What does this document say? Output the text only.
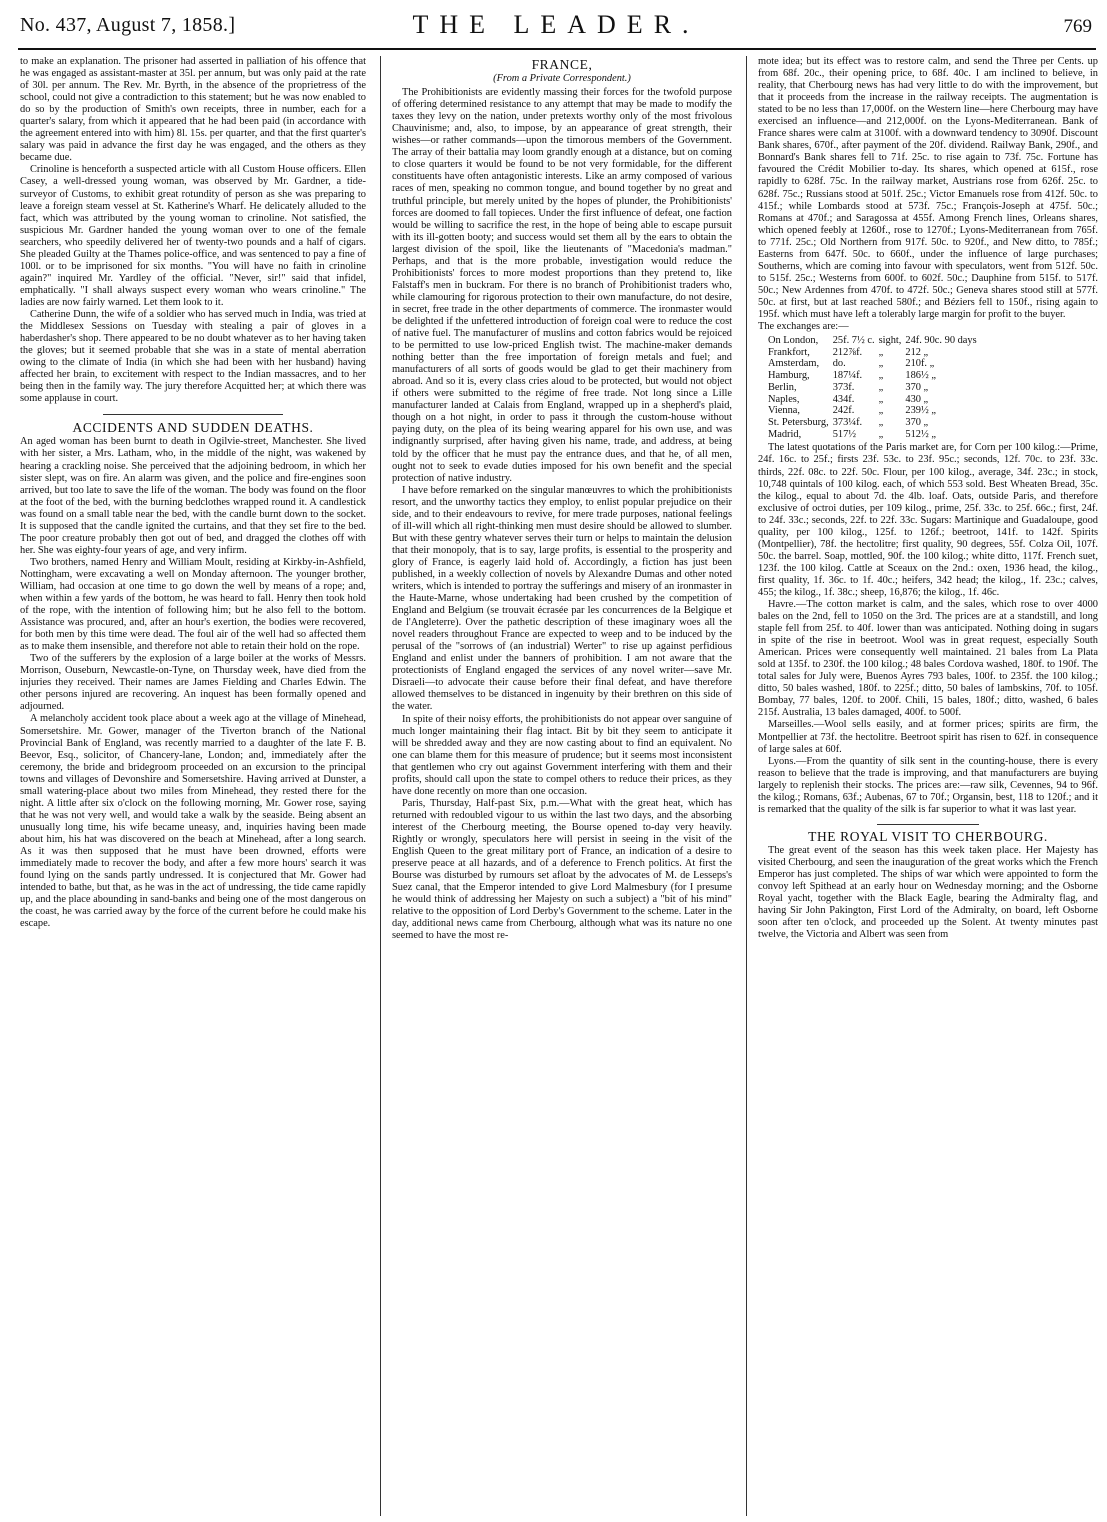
No. 437, August 7, 1858.]	THE LEADER.	769

to make an explanation. The prisoner had asserted in palliation of his offence that he was engaged as assistant-master at 35l. per annum, but was only paid at the rate of 30l. per annum. The Rev. Mr. Byrth, in the absence of the proprietress of the school, could not give a contradiction to this statement; but he was now enabled to do so by the production of Smith's own receipts, three in number, each for a quarter's salary, from which it appeared that he had been paid (in accordance with the agreement entered into with him) 8l. 15s. per quarter, and that the first quarter's salary was paid in advance the first day he was engaged, and the others as they became due.

Crinoline is henceforth a suspected article with all Custom House officers. Ellen Casey, a well-dressed young woman, was observed by Mr. Gardner, a tide-surveyor of Customs, to exhibit great rotundity of person as she was preparing to leave a foreign steam vessel at St. Katherine's Wharf. He delicately alluded to the fact, which was attributed by the young woman to crinoline. Not satisfied, the suspicious Mr. Gardner handed the young woman over to one of the female searchers, who speedily delivered her of twenty-two pounds and a half of cigars. She pleaded Guilty at the Thames police-office, and was sentenced to pay a fine of 100l. or to be imprisoned for six months. "You will have no faith in crinoline again?" inquired Mr. Yardley of the official. "Never, sir!" said that infidel, emphatically. "I shall always suspect every woman who wears crinoline." The ladies are now fairly warned. Let them look to it.

Catherine Dunn, the wife of a soldier who has served much in India, was tried at the Middlesex Sessions on Tuesday with stealing a pair of gloves in a haberdasher's shop. There appeared to be no doubt whatever as to her having taken the gloves; but it seemed probable that she was in a state of mental aberration owing to the climate of India (in which she had been with her husband) having affected her brain, to excitement with respect to the Indian massacres, and to her being then in the family way. The jury therefore Acquitted her; at which there was some applause in court.

ACCIDENTS AND SUDDEN DEATHS.

An aged woman has been burnt to death in Ogilvie-street, Manchester. She lived with her sister, a Mrs. Latham, who, in the middle of the night, was wakened by hearing a crackling noise. She perceived that the adjoining bedroom, in which her sister slept, was on fire. An alarm was given, and the police and fire-engines soon arrived, but too late to save the life of the woman. The body was found on the floor at the foot of the bed, with the burning bedclothes wrapped round it. A candlestick was found on a small table near the bed, with the candle burnt down to the socket. It is supposed that the candle ignited the curtains, and that they set fire to the bed. The poor creature probably then got out of bed, and dragged the clothes off with her. She was eighty-four years of age, and very infirm.

Two brothers, named Henry and William Moult, residing at Kirkby-in-Ashfield, Nottingham, were excavating a well on Monday afternoon. The younger brother, William, had occasion at one time to go down the well by means of a rope; and, when within a few yards of the bottom, he was heard to fall. Henry then took hold of the rope, with the intention of following him; but he also fell to the bottom. Assistance was procured, and, after an hour's exertion, the bodies were recovered, for both men by this time were dead. The foul air of the well had so affected them as to make them insensible, and therefore not able to retain their hold on the rope.

Two of the sufferers by the explosion of a large boiler at the works of Messrs. Morrison, Ouseburn, Newcastle-on-Tyne, on Thursday week, have died from the injuries they received. Their names are James Fielding and Charles Edwin. The other persons injured are recovering. An inquest has been formally opened and adjourned.

A melancholy accident took place about a week ago at the village of Minehead, Somersetshire. Mr. Gower, manager of the Tiverton branch of the National Provincial Bank of England, was recently married to a daughter of the late F. B. Beevor, Esq., solicitor, of Chancery-lane, London; and, immediately after the ceremony, the bride and bridegroom proceeded on an excursion to the principal towns and villages of Devonshire and Somersetshire. Having arrived at Dunster, a small watering-place about two miles from Minehead, they rested there for the night. A little after six o'clock on the following morning, Mr. Gower rose, saying that he was not very well, and would take a walk by the seaside. Being absent an unusually long time, his wife became uneasy, and, inquiries having been made about him, his hat was discovered on the beach at Minehead, after a long search. As it was then supposed that he must have been drowned, efforts were immediately made to recover the body, and after a few more hours' search it was found lying on the sands partly undressed. It is conjectured that Mr. Gower had intended to bathe, but that, as he was in the act of undressing, the tide came rapidly up, and the place abounding in sand-banks and being one of the most dangerous on the coast, he was carried away by the force of the current before he could make his escape.

FRANCE,
(From a Private Correspondent.)

The Prohibitionists are evidently massing their forces for the twofold purpose of offering determined resistance to any attempt that may be made to modify the taxes they levy on the nation, under pretexts worthy only of the most frivolous Chauvinisme; and, also, to impose, by an appearance of great strength, their wishes—or rather commands—upon the timorous members of the Government. The array of their battalia may loom grandly enough at a distance, but on coming to close quarters it would be found to be not very formidable, for the different constituents have often antagonistic interests. Like an army composed of various races of men, speaking no common tongue, and bound together by no great and truthful principle, but merely united by the hopes of plunder, the Prohibitionists' forces are doomed to fall topieces. Under the first influence of defeat, one faction would be willing to sacrifice the rest, in the hope of being able to escape pursuit with its ill-gotten booty; and success would set them all by the ears to obtain the largest division of the spoil, like the lieutenants of "Macedonia's madman." Perhaps, and that is the more probable, investigation would reduce the Prohibitionists' forces to more modest proportions than they pretend to, like Falstaff's men in buckram. For there is no branch of Prohibitionist traders who, while clamouring for rigorous protection to their own manufacture, do not desire, in secret, free trade in the other departments of commerce. The ironmaster would be delighted if the unfettered introduction of foreign coal were to reduce the cost of native fuel. The manufacturer of muslins and cotton fabrics would be rejoiced to be permitted to use low-priced English twist. The machine-maker demands nothing better than the free importation of foreign metals and fuel; and manufacturers of all sorts of goods would be glad to get their machinery from abroad. And so it is, every class cries aloud to be protected, but would not object if others were submitted to the régime of free trade. Not long since a Lille manufacturer landed at Calais from England, wrapped up in a shepherd's plaid, though on a hot night, in order to pass it through the custom-house without paying duty, on the plea of its being wearing apparel for his own use, and was indignantly surprised, after having given his name, trade, and address, at being told by the officer that he must pay the entrance dues, and that he, of all men, ought not to seek to evade duties imposed for his own benefit and the special protection of native industry.

I have before remarked on the singular manœuvres to which the prohibitionists resort, and the unworthy tactics they employ, to enlist popular prejudice on their side, and to their endeavours to revive, for mere trade purposes, national feelings of ill-will which all right-thinking men must desire should be allowed to slumber. But with these gentry whatever serves their turn or helps to maintain the delusion that their monopoly, that is to say, large profits, is essential to the prosperity and glory of France, is eagerly laid hold of. Accordingly, a fiction has just been published, in a weekly collection of novels by Alexandre Dumas and other noted writers, which is intended to portray the sufferings and misery of an ironmaster in the Haute-Marne, whose undertaking had been crushed by the competition of England and Belgium (se trouvait écrasée par les concurrences de la Belgique et de l'Angleterre). Over the pathetic description of these imaginary woes all the novel readers throughout France are expected to weep and to be induced by the perusal of the "sorrows of (an industrial) Werter" to rise up against perfidious England and enlist under the banners of prohibition. I am not aware that the protectionists of England engaged the services of any novel writer—save Mr. Disraeli—to advocate their cause before their final defeat, and have therefore allowed themselves to be distanced in ingenuity by their brethren on this side of the water.

In spite of their noisy efforts, the prohibitionists do not appear over sanguine of much longer maintaining their flag intact. Bit by bit they seem to anticipate it will be shredded away and they are now casting about to find an equivalent. No one can blame them for this measure of prudence; but it seems most inconsistent that gentlemen who cry out against Government interfering with them and their profits, should call upon the state to compel others to reduce their prices, as they have done recently on more than one occasion.

Paris, Thursday, Half-past Six, p.m.—What with the great heat, which has returned with redoubled vigour to us within the last two days, and the absorbing interest of the Cherbourg meeting, the Bourse opened to-day very heavily. Rightly or wrongly, speculators here will persist in seeing in the visit of the English Queen to the great military port of France, an indication of a desire to preserve peace at all hazards, and of a deference to French politics. At first the Bourse was disturbed by rumours set afloat by the advocates of M. de Lesseps's Suez canal, that the Emperor intended to give Lord Malmesbury (for I presume he would think of addressing her Majesty on such a subject) a "bit of his mind" relative to the opposition of Lord Derby's Government to the scheme. Later in the day, additional news came from Cherbourg, although what was its nature no one seemed to have the most re-

mote idea; but its effect was to restore calm, and send the Three per Cents. up from 68f. 20c., their opening price, to 68f. 40c. I am inclined to believe, in reality, that Cherbourg news has had very little to do with the improvement, but that it proceeds from the increase in the railway receipts. The augmentation is stated to be no less than 17,000f. on the Western line—here Cherbourg may have exercised an influence—and 212,000f. on the Lyons-Mediterranean. Bank of France shares were calm at 3100f. with a downward tendency to 3090f. Discount Bank shares, 670f., after payment of the 20f. dividend. Railway Bank, 290f., and Bonnard's Bank shares fell to 71f. 25c. to rise again to 73f. 75c. Fortune has favoured the Crédit Mobilier to-day. Its shares, which opened at 615f., rose rapidly to 628f. 75c. In the railway market, Austrians rose from 626f. 25c. to 628f. 75c.; Russians stood at 501f. 25c.; Victor Emanuels rose from 412f. 50c. to 415f.; while Lombards stood at 573f. 75c.; François-Joseph at 475f. 50c.; Romans at 470f.; and Saragossa at 455f. Among French lines, Orleans shares, which opened feebly at 1260f., rose to 1270f.; Lyons-Mediterranean from 765f. to 771f. 25c.; Old Northern from 917f. 50c. to 920f., and New ditto, to 785f.; Easterns from 647f. 50c. to 660f., under the influence of large purchases; Southerns, which are coming into favour with speculators, went from 512f. 50c. to 515f. 25c.; Westerns from 600f. to 602f. 50c.; Dauphine from 515f. to 517f. 50c.; New Ardennes from 470f. to 472f. 50c.; Geneva shares stood still at 577f. 50c. at first, but at last reached 580f.; and Béziers fell to 150f., rising again to 195f. which must have left a tolerably large margin for profit to the buyer.

The exchanges are:—

On London,	25f. 7½ c.	sight,	24f. 90c. 90 days
Frankfort,	212⅞f.	„	212 „
Amsterdam,	do.	„	210f. „
Hamburg,	187¼f.	„	186½ „
Berlin,	373f.	„	370 „
Naples,	434f.	„	430 „
Vienna,	242f.	„	239½ „
St. Petersburg,	373¼f.	„	370 „
Madrid,	517½	„	512½ „

The latest quotations of the Paris market are, for Corn per 100 kilog.:—Prime, 24f. 16c. to 25f.; firsts 23f. 53c. to 23f. 95c.; seconds, 12f. 70c. to 23f. 33c. thirds, 22f. 08c. to 22f. 50c. Flour, per 100 kilog., average, 34f. 23c.; in stock, 10,748 quintals of 100 kilog. each, of which 553 sold. Best Wheaten Bread, 35c. the kilog., equal to about 7d. the 4lb. loaf. Oats, outside Paris, and therefore exclusive of octroi duties, per 109 kilog., prime, 25f. 33c. to 25f. 66c.; first, 24f. to 24f. 33c.; seconds, 22f. to 22f. 33c. Sugars: Martinique and Guadaloupe, good quality, per 100 kilog., 125f. to 126f.; beetroot, 141f. to 142f. Spirits (Montpellier), 78f. the hectolitre; first quality, 90 degrees, 55f. Colza Oil, 107f. 50c. the barrel. Soap, mottled, 90f. the 100 kilog.; white ditto, 117f. French suet, 123f. the 100 kilog. Cattle at Sceaux on the 2nd.: oxen, 1936 head, the kilog., first quality, 1f. 36c. to 1f. 40c.; heifers, 342 head; the kilog., 1f. 23c.; calves, 455; the kilog., 1f. 38c.; sheep, 16,876; the kilog., 1f. 46c.

Havre.—The cotton market is calm, and the sales, which rose to over 4000 bales on the 2nd, fell to 1050 on the 3rd. The prices are at a standstill, and long staple fell from 25f. to 40f. lower than was anticipated. Nothing doing in sugars in spite of the rise in beetroot. Wool was in great request, especially South American. Prices were consequently well maintained. 21 bales from La Plata sold at 135f. to 230f. the 100 kilog.; 48 bales Cordova washed, 180f. to 190f. The total sales for July were, Buenos Ayres 793 bales, 100f. to 235f. the 100 kilog.; ditto, 50 bales washed, 180f. to 225f.; ditto, 50 bales of lambskins, 70f. to 105f. Bombay, 77 bales, 120f. to 200f. Chili, 15 bales, 180f.; ditto, washed, 6 bales 215f. Australia, 13 bales damaged, 400f. to 500f.

Marseilles.—Wool sells easily, and at former prices; spirits are firm, the Montpellier at 73f. the hectolitre. Beetroot spirit has risen to 62f. in consequence of large sales at 60f.

Lyons.—From the quantity of silk sent in the counting-house, there is every reason to believe that the trade is improving, and that manufacturers are buying largely to replenish their stocks. The prices are:—raw silk, Cevennes, 94 to 96f. the kilog.; Romans, 63f.; Aubenas, 67 to 70f.; Organsin, best, 118 to 120f.; and it is remarked that the quality of the silk is far superior to what it was last year.

THE ROYAL VISIT TO CHERBOURG.

The great event of the season has this week taken place. Her Majesty has visited Cherbourg, and seen the inauguration of the great works which the French Emperor has just completed. The ships of war which were appointed to form the convoy left Spithead at an early hour on Wednesday morning; and the Osborne Royal yacht, together with the Black Eagle, bearing the Admiralty flag, and having Sir John Pakington, First Lord of the Admiralty, on board, left Osborne soon after ten o'clock, and proceeded up the Solent. At twenty minutes past twelve, the Victoria and Albert was seen from
